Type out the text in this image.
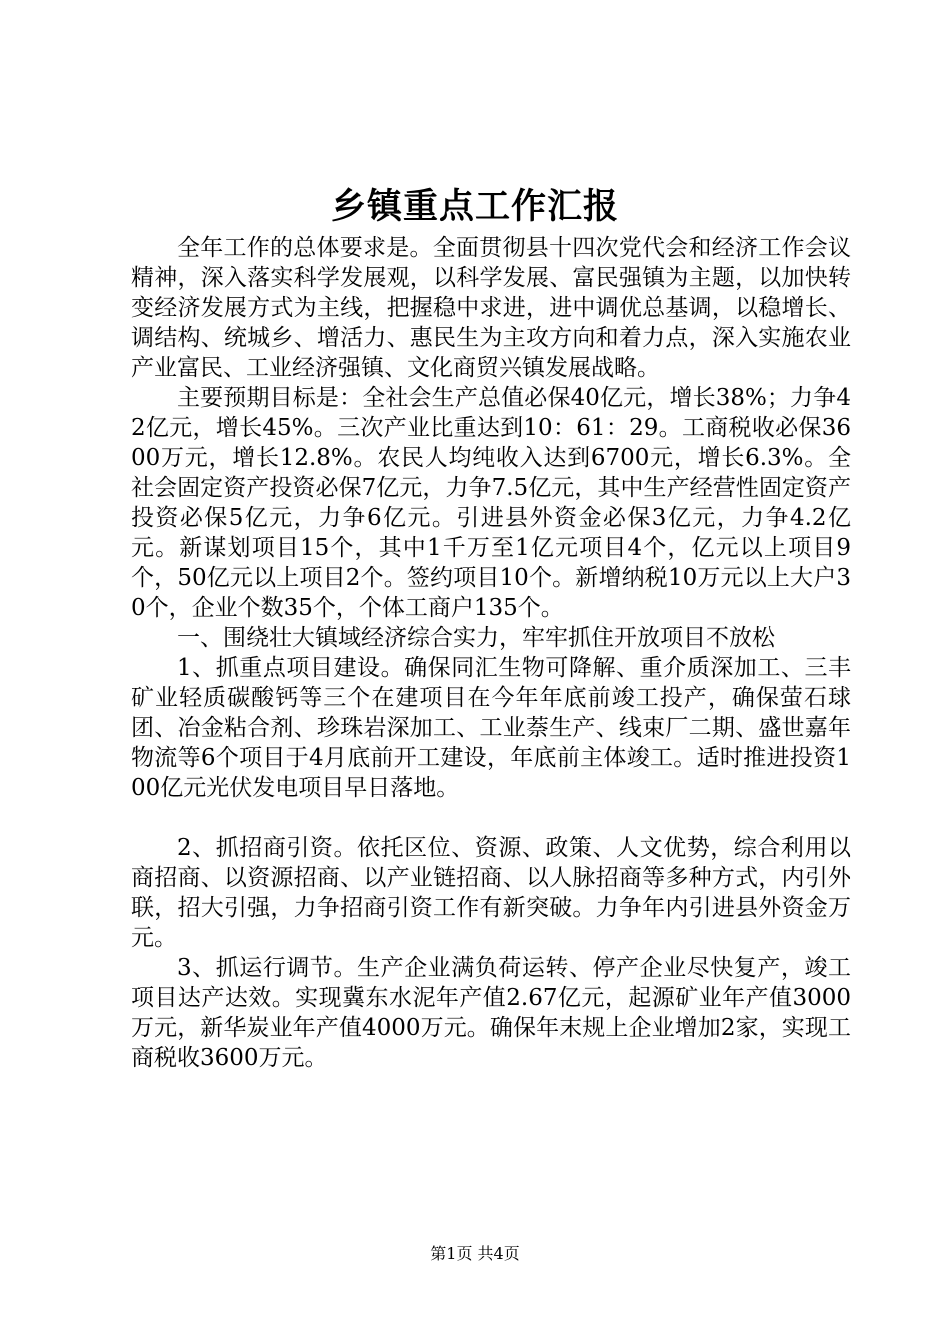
乡镇重点工作汇报

全年工作的总体要求是。全面贯彻县十四次党代会和经济工作会议精神，深入落实科学发展观，以科学发展、富民强镇为主题，以加快转变经济发展方式为主线，把握稳中求进，进中调优总基调，以稳增长、调结构、统城乡、增活力、惠民生为主攻方向和着力点，深入实施农业产业富民、工业经济强镇、文化商贸兴镇发展战略。

主要预期目标是：全社会生产总值必保40亿元，增长38%；力争42亿元，增长45%。三次产业比重达到10：61：29。工商税收必保3600万元，增长12.8%。农民人均纯收入达到6700元，增长6.3%。全社会固定资产投资必保7亿元，力争7.5亿元，其中生产经营性固定资产投资必保5亿元，力争6亿元。引进县外资金必保3亿元，力争4.2亿元。新谋划项目15个，其中1千万至1亿元项目4个，亿元以上项目9个，50亿元以上项目2个。签约项目10个。新增纳税10万元以上大户30个，企业个数35个，个体工商户135个。

一、围绕壮大镇域经济综合实力，牢牢抓住开放项目不放松

1、抓重点项目建设。确保同汇生物可降解、重介质深加工、三丰矿业轻质碳酸钙等三个在建项目在今年年底前竣工投产，确保萤石球团、冶金粘合剂、珍珠岩深加工、工业萘生产、线束厂二期、盛世嘉年物流等6个项目于4月底前开工建设，年底前主体竣工。适时推进投资100亿元光伏发电项目早日落地。

2、抓招商引资。依托区位、资源、政策、人文优势，综合利用以商招商、以资源招商、以产业链招商、以人脉招商等多种方式，内引外联，招大引强，力争招商引资工作有新突破。力争年内引进县外资金万元。

3、抓运行调节。生产企业满负荷运转、停产企业尽快复产，竣工项目达产达效。实现冀东水泥年产值2.67亿元，起源矿业年产值3000万元，新华炭业年产值4000万元。确保年末规上企业增加2家，实现工商税收3600万元。

第1页 共4页
